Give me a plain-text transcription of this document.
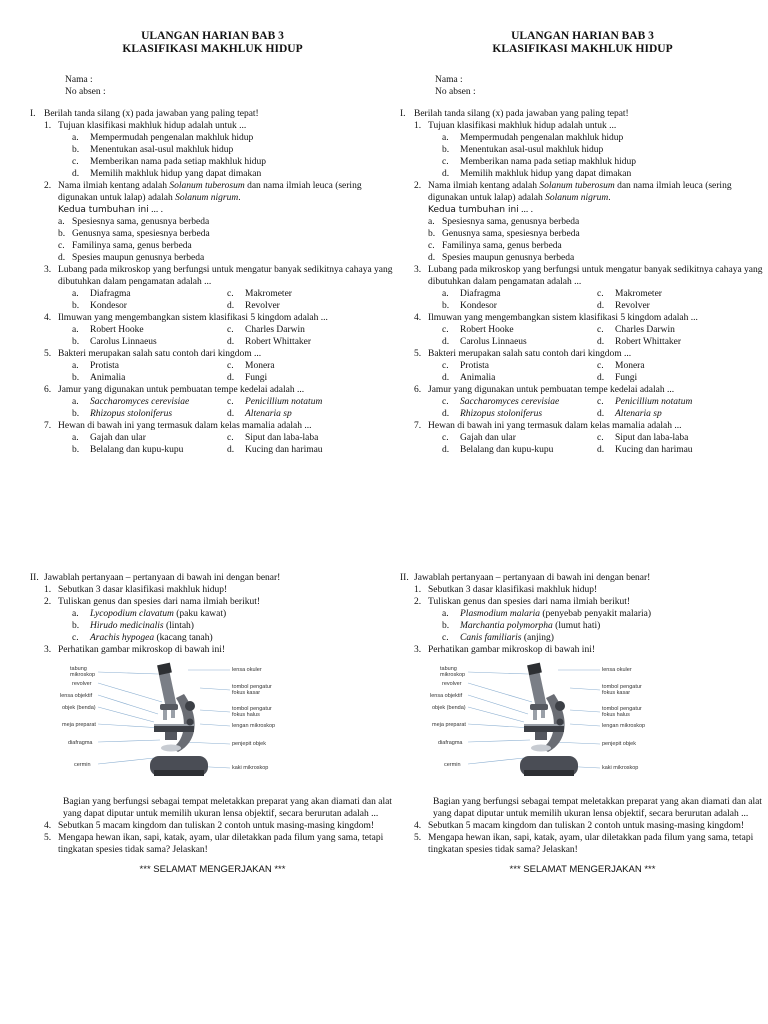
ULANGAN HARIAN BAB 3
KLASIFIKASI MAKHLUK HIDUP
Nama :
No absen :
I. Berilah tanda silang (x) pada jawaban yang paling tepat!
1. Tujuan klasifikasi makhluk hidup adalah untuk ...
a. Mempermudah pengenalan makhluk hidup
b. Menentukan asal-usul makhluk hidup
c. Memberikan nama pada setiap makhluk hidup
d. Memilih makhluk hidup yang dapat dimakan
2. Nama ilmiah kentang adalah Solanum tuberosum dan nama ilmiah leuca (sering digunakan untuk lalap) adalah Solanum nigrum.
Kedua tumbuhan ini ... .
a. Spesiesnya sama, genusnya berbeda
b. Genusnya sama, spesiesnya berbeda
c. Familinya sama, genus berbeda
d. Spesies maupun genusnya berbeda
3. Lubang pada mikroskop yang berfungsi untuk mengatur banyak sedikitnya cahaya yang dibutuhkan dalam pengamatan adalah ...
a. Diafragma	c. Makrometer
b. Kondesor	d. Revolver
4. Ilmuwan yang mengembangkan sistem klasifikasi 5 kingdom adalah ...
a. Robert Hooke	c. Charles Darwin
b. Carolus Linnaeus	d. Robert Whittaker
5. Bakteri merupakan salah satu contoh dari kingdom ...
a. Protista	c. Monera
b. Animalia	d. Fungi
6. Jamur yang digunakan untuk pembuatan tempe kedelai adalah ...
a. Saccharomyces cerevisiae	c. Penicillium notatum
b. Rhizopus stoloniferus	d. Altenaria sp
7. Hewan di bawah ini yang termasuk dalam kelas mamalia adalah ...
a. Gajah dan ular	c. Siput dan laba-laba
b. Belalang dan kupu-kupu	d. Kucing dan harimau
II. Jawablah pertanyaan – pertanyaan di bawah ini dengan benar!
1. Sebutkan 3 dasar klasifikasi makhluk hidup!
2. Tuliskan genus dan spesies dari nama ilmiah berikut!
a. Lycopodium clavatum (paku kawat)
b. Hirudo medicinalis (lintah)
c. Arachis hypogea (kacang tanah)
3. Perhatikan gambar mikroskop di bawah ini!
tabung mikroskop
revolver
lensa objektif
objek (benda)
meja preparat
diafragma
cermin
lensa okuler
tombol pengatur fokus kasar
tombol pengatur fokus halus
lengan mikroskop
penjepit objek
kaki mikroskop
Bagian yang berfungsi sebagai tempat meletakkan preparat yang akan diamati dan alat yang dapat diputar untuk memilih ukuran lensa objektif, secara berurutan adalah ...
4. Sebutkan 5 macam kingdom dan tuliskan 2 contoh untuk masing-masing kingdom!
5. Mengapa hewan ikan, sapi, katak, ayam, ular diletakkan pada filum yang sama, tetapi tingkatan spesies tidak sama? Jelaskan!
*** SELAMAT MENGERJAKAN ***
ULANGAN HARIAN BAB 3
KLASIFIKASI MAKHLUK HIDUP
Nama :
No absen :
I. Berilah tanda silang (x) pada jawaban yang paling tepat!
1. Tujuan klasifikasi makhluk hidup adalah untuk ...
a. Mempermudah pengenalan makhluk hidup
b. Menentukan asal-usul makhluk hidup
c. Memberikan nama pada setiap makhluk hidup
d. Memilih makhluk hidup yang dapat dimakan
2. Nama ilmiah kentang adalah Solanum tuberosum dan nama ilmiah leuca (sering digunakan untuk lalap) adalah Solanum nigrum.
Kedua tumbuhan ini ... .
a. Spesiesnya sama, genusnya berbeda
b. Genusnya sama, spesiesnya berbeda
c. Familinya sama, genus berbeda
d. Spesies maupun genusnya berbeda
3. Lubang pada mikroskop yang berfungsi untuk mengatur banyak sedikitnya cahaya yang dibutuhkan dalam pengamatan adalah ...
a. Diafragma	c. Makrometer
b. Kondesor	d. Revolver
4. Ilmuwan yang mengembangkan sistem klasifikasi 5 kingdom adalah ...
c. Robert Hooke	c. Charles Darwin
d. Carolus Linnaeus	d. Robert Whittaker
5. Bakteri merupakan salah satu contoh dari kingdom ...
c. Protista	c. Monera
d. Animalia	d. Fungi
6. Jamur yang digunakan untuk pembuatan tempe kedelai adalah ...
c. Saccharomyces cerevisiae	c. Penicillium notatum
d. Rhizopus stoloniferus	d. Altenaria sp
7. Hewan di bawah ini yang termasuk dalam kelas mamalia adalah ...
c. Gajah dan ular	c. Siput dan laba-laba
d. Belalang dan kupu-kupu	d. Kucing dan harimau
II. Jawablah pertanyaan – pertanyaan di bawah ini dengan benar!
1. Sebutkan 3 dasar klasifikasi makhluk hidup!
2. Tuliskan genus dan spesies dari nama ilmiah berikut!
a. Plasmodium malaria (penyebab penyakit malaria)
b. Marchantia polymorpha (lumut hati)
c. Canis familiaris (anjing)
3. Perhatikan gambar mikroskop di bawah ini!
tabung mikroskop
revolver
lensa objektif
objek (benda)
meja preparat
diafragma
cermin
lensa okuler
tombol pengatur fokus kasar
tombol pengatur fokus halus
lengan mikroskop
penjepit objek
kaki mikroskop
Bagian yang berfungsi sebagai tempat meletakkan preparat yang akan diamati dan alat yang dapat diputar untuk memilih ukuran lensa objektif, secara berurutan adalah ...
4. Sebutkan 5 macam kingdom dan tuliskan 2 contoh untuk masing-masing kingdom!
5. Mengapa hewan ikan, sapi, katak, ayam, ular diletakkan pada filum yang sama, tetapi tingkatan spesies tidak sama? Jelaskan!
*** SELAMAT MENGERJAKAN ***
